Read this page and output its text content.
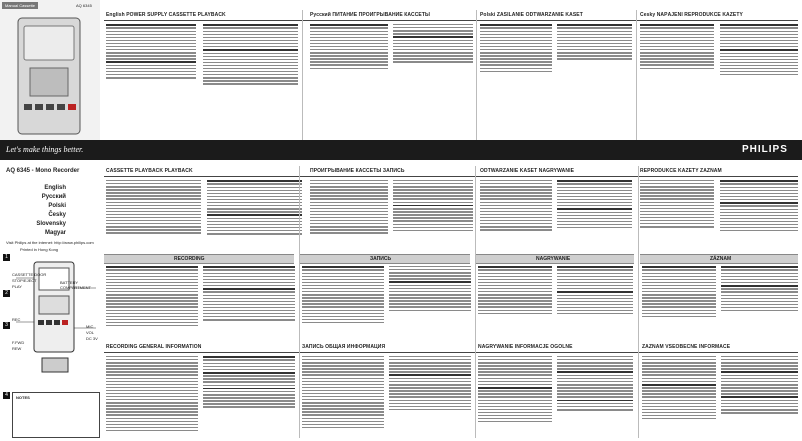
Manual Cassette	AQ 6345
English POWER SUPPLY CASSETTE PLAYBACK	Русский ПИТАНИЕ ПРОИГРЫВАНИЕ КАССЕТЫ	Polski ZASILANIE ODTWARZANIE KASET	Česky NAPÁJENÍ REPRODUKCE KAZETY
Let's make things better.	PHILIPS
AQ 6345 - Mono Recorder
English
Русский
Polski
Česky
Slovensky
Magyar
Visit Philips at the internet: http://www.philips.com
Printed in Hong Kong
CASSETTE PLAYBACK PLAYBACK	ПРОИГРЫВАНИЕ КАССЕТЫ ЗАПИСЬ	ODTWARZANIE KASET NAGRYWANIE	REPRODUKCE KAZETY ZÁZNAM
RECORDING	ЗАПИСЬ	NAGRYWANIE	ZÁZNAM
1
2
3
4
CASSETTE DOOR
STOP/EJECT
PLAY
REC
BATTERY COMPARTMENT
MIC
VOL
DC 3V
F.FWD
REW
NOTES
RECORDING GENERAL INFORMATION	ЗАПИСЬ ОБЩАЯ ИНФОРМАЦИЯ	NAGRYWANIE INFORMACJE OGÓLNE	ZÁZNAM VŠEOBECNÉ INFORMACE
